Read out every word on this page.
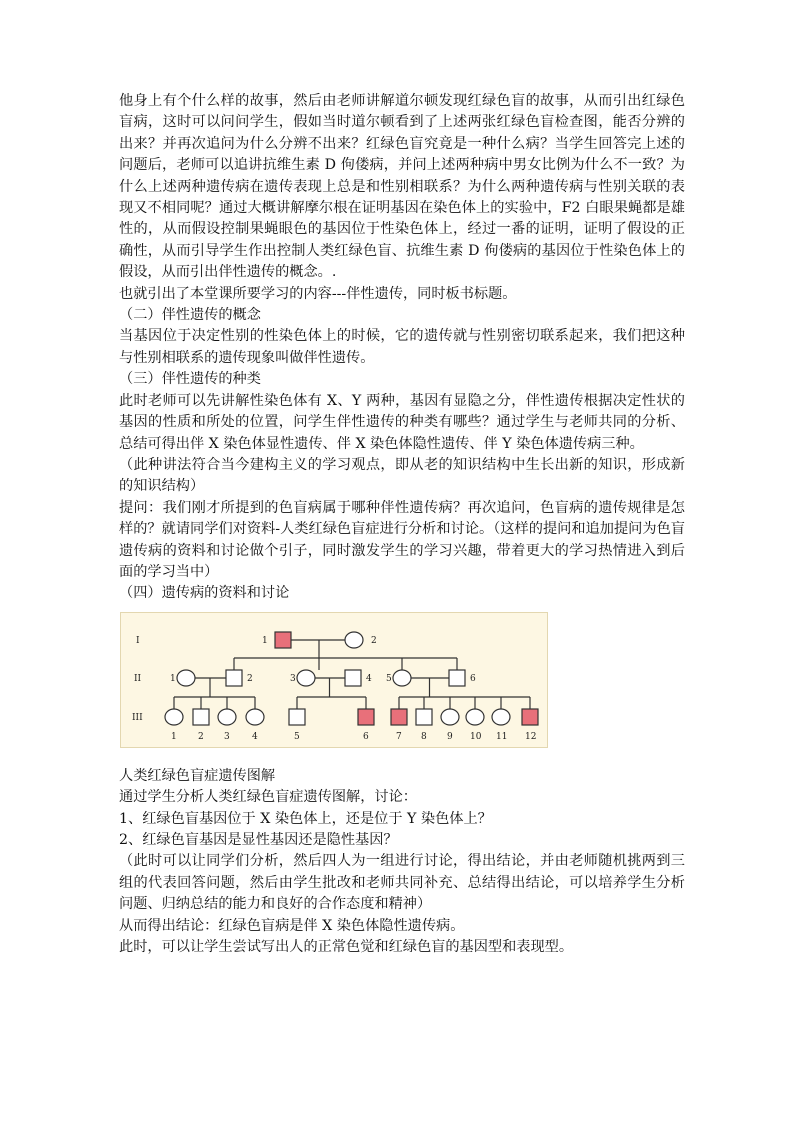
他身上有个什么样的故事，然后由老师讲解道尔顿发现红绿色盲的故事，从而引出红绿色盲病，这时可以问问学生，假如当时道尔顿看到了上述两张红绿色盲检查图，能否分辨的出来？并再次追问为什么分辨不出来？红绿色盲究竟是一种什么病？当学生回答完上述的问题后，老师可以追讲抗维生素 D 佝偻病，并问上述两种病中男女比例为什么不一致？为什么上述两种遗传病在遗传表现上总是和性别相联系？为什么两种遗传病与性别关联的表现又不相同呢？通过大概讲解摩尔根在证明基因在染色体上的实验中，F2 白眼果蝇都是雄性的，从而假设控制果蝇眼色的基因位于性染色体上，经过一番的证明，证明了假设的正确性，从而引导学生作出控制人类红绿色盲、抗维生素 D 佝偻病的基因位于性染色体上的假设，从而引出伴性遗传的概念。.

也就引出了本堂课所要学习的内容---伴性遗传，同时板书标题。

（二）伴性遗传的概念

当基因位于决定性别的性染色体上的时候，它的遗传就与性别密切联系起来，我们把这种与性别相联系的遗传现象叫做伴性遗传。

（三）伴性遗传的种类

此时老师可以先讲解性染色体有 X、Y 两种，基因有显隐之分，伴性遗传根据决定性状的基因的性质和所处的位置，问学生伴性遗传的种类有哪些？通过学生与老师共同的分析、总结可得出伴 X 染色体显性遗传、伴 X 染色体隐性遗传、伴 Y 染色体遗传病三种。

（此种讲法符合当今建构主义的学习观点，即从老的知识结构中生长出新的知识，形成新的知识结构）

提问：我们刚才所提到的色盲病属于哪种伴性遗传病？再次追问，色盲病的遗传规律是怎样的？就请同学们对资料-人类红绿色盲症进行分析和讨论。（这样的提问和追加提问为色盲遗传病的资料和讨论做个引子，同时激发学生的学习兴趣，带着更大的学习热情进入到后面的学习当中）

（四）遗传病的资料和讨论

I
II
III
1	2
1	2
1 2 3 4
3	4
5	6
5	6
7 8 9 10 11 12

人类红绿色盲症遗传图解

通过学生分析人类红绿色盲症遗传图解，讨论：

1、红绿色盲基因位于 X 染色体上，还是位于 Y 染色体上？

2、红绿色盲基因是显性基因还是隐性基因？

（此时可以让同学们分析，然后四人为一组进行讨论，得出结论，并由老师随机挑两到三组的代表回答问题，然后由学生批改和老师共同补充、总结得出结论，可以培养学生分析问题、归纳总结的能力和良好的合作态度和精神）

从而得出结论：红绿色盲病是伴 X 染色体隐性遗传病。

此时，可以让学生尝试写出人的正常色觉和红绿色盲的基因型和表现型。
